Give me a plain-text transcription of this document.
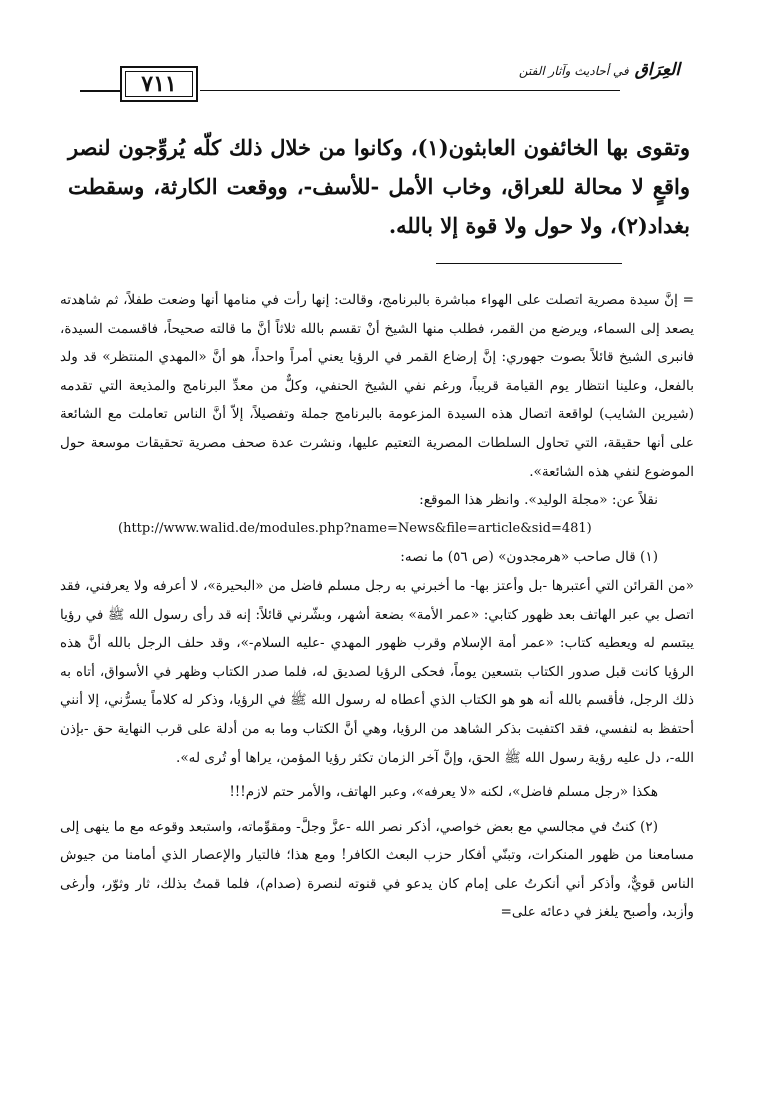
٧١١
العِرَاق في أحاديث وآثار الفتن

وتقوى بها الخائفون العابثون(١)، وكانوا من خلال ذلك كلّه يُروِّجون لنصر واقعٍ لا محالة للعراق، وخاب الأمل -للأسف-، ووقعت الكارثة، وسقطت بغداد(٢)، ولا حول ولا قوة إلا بالله.

= إنَّ سيدة مصرية اتصلت على الهواء مباشرة بالبرنامج، وقالت: إنها رأت في منامها أنها وضعت طفلاً، ثم شاهدته يصعد إلى السماء، ويرضع من القمر، فطلب منها الشيخ أنْ تقسم بالله ثلاثاً أنَّ ما قالته صحيحاً، فاقسمت السيدة، فانبرى الشيخ قائلاً بصوت جهوري: إنَّ إرضاع القمر في الرؤيا يعني أمراً واحداً، هو أنَّ «المهدي المنتظر» قد ولد بالفعل، وعلينا انتظار يوم القيامة قريباً، ورغم نفي الشيخ الحنفي، وكلٌّ من معدِّ البرنامج والمذيعة التي تقدمه (شيرين الشايب) لواقعة اتصال هذه السيدة المزعومة بالبرنامج جملة وتفصيلاً، إلاّ أنَّ الناس تعاملت مع الشائعة على أنها حقيقة، التي تحاول السلطات المصرية التعتيم عليها، ونشرت عدة صحف مصرية تحقيقات موسعة حول الموضوع لنفي هذه الشائعة».

نقلاً عن: «مجلة الوليد». وانظر هذا الموقع:

(http://www.walid.de/modules.php?name=News&file=article&sid=481)

(١) قال صاحب «هرمجدون» (ص ٥٦) ما نصه:

«من القرائن التي أعتبرها -بل وأعتز بها- ما أخبرني به رجل مسلم فاضل من «البحيرة»، لا أعرفه ولا يعرفني، فقد اتصل بي عبر الهاتف بعد ظهور كتابي: «عمر الأمة» بضعة أشهر، وبشّرني قائلاً: إنه قد رأى رسول الله ﷺ في رؤيا يبتسم له ويعطيه كتاب: «عمر أمة الإسلام وقرب ظهور المهدي -عليه السلام-»، وقد حلف الرجل بالله أنَّ هذه الرؤيا كانت قبل صدور الكتاب بتسعين يوماً، فحكى الرؤيا لصديق له، فلما صدر الكتاب وظهر في الأسواق، أتاه به ذلك الرجل، فأقسم بالله أنه هو هو الكتاب الذي أعطاه له رسول الله ﷺ في الرؤيا، وذكر له كلاماً يسرُّني، إلا أنني أحتفظ به لنفسي، فقد اكتفيت بذكر الشاهد من الرؤيا، وهي أنَّ الكتاب وما به من أدلة على قرب النهاية حق -بإذن الله-، دل عليه رؤية رسول الله ﷺ الحق، وإنَّ آخر الزمان تكثر رؤيا المؤمن، يراها أو تُرى له».

هكذا «رجل مسلم فاضل»، لكنه «لا يعرفه»، وعبر الهاتف، والأمر حتم لازم!!!

(٢) كنتُ في مجالسي مع بعض خواصي، أذكر نصر الله -عزَّ وجلَّ- ومقوِّماته، واستبعد وقوعه مع ما ينهى إلى مسامعنا من ظهور المنكرات، وتبنّي أفكار حزب البعث الكافر! ومع هذا؛ فالتيار والإعصار الذي أمامنا من جيوش الناس قويٌّ، وأذكر أني أنكرتُ على إمام كان يدعو في قنوته لنصرة (صدام)، فلما قمتُ بذلك، ثار وثوّر، وأرغى وأزبد، وأصبح يلغز في دعائه على=
